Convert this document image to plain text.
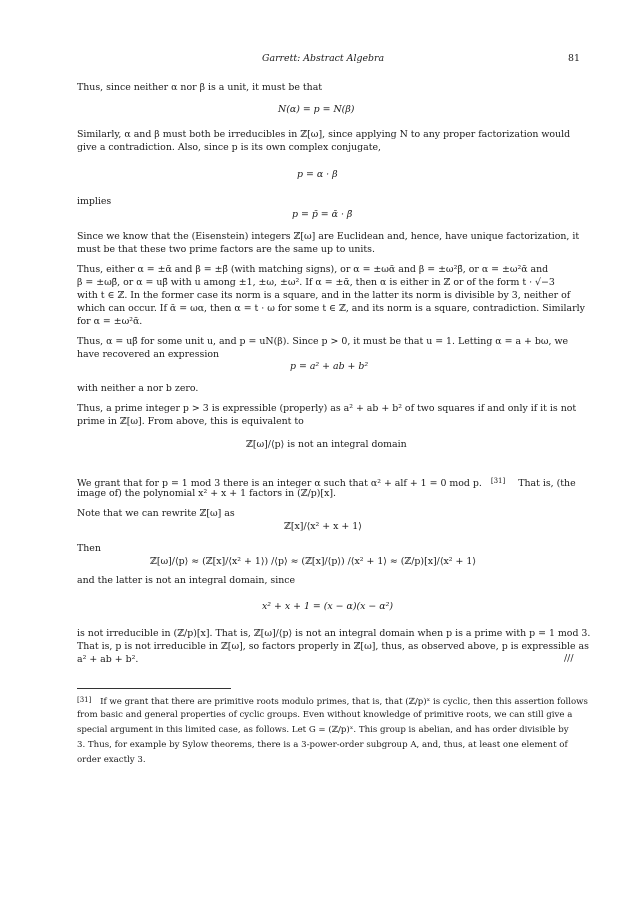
Garrett: Abstract Algebra	81
Thus, since neither α nor β is a unit, it must be that
N(α) = p = N(β)
Similarly, α and β must both be irreducibles in ℤ[ω], since applying N to any proper factorization would
give a contradiction. Also, since p is its own complex conjugate,
p = α · β
implies
p = p̄ = ᾱ · β̄
Since we know that the (Eisenstein) integers ℤ[ω] are Euclidean and, hence, have unique factorization, it
must be that these two prime factors are the same up to units.
Thus, either α = ±ᾱ and β = ±β̄ (with matching signs), or α = ±ωᾱ and β = ±ω²β̄, or α = ±ω²ᾱ and
β = ±ωβ̄, or α = uβ̄ with u among ±1, ±ω, ±ω². If α = ±ᾱ, then α is either in ℤ or of the form t · √−3
with t ∈ ℤ. In the former case its norm is a square, and in the latter its norm is divisible by 3, neither of
which can occur. If ᾱ = ωα, then α = t · ω for some t ∈ ℤ, and its norm is a square, contradiction. Similarly
for α = ±ω²ᾱ.
Thus, α = uβ̄ for some unit u, and p = uN(β). Since p > 0, it must be that u = 1. Letting α = a + bω, we
have recovered an expression
p = a² + ab + b²
with neither a nor b zero.
Thus, a prime integer p > 3 is expressible (properly) as a² + ab + b² of two squares if and only if it is not
prime in ℤ[ω]. From above, this is equivalent to
ℤ[ω]/⟨p⟩ is not an integral domain
We grant that for p = 1 mod 3 there is an integer α such that α² + alf + 1 = 0 mod p. [31] That is, (the
image of) the polynomial x² + x + 1 factors in (ℤ/p)[x].
Note that we can rewrite ℤ[ω] as
ℤ[x]/⟨x² + x + 1⟩
Then
ℤ[ω]/⟨p⟩ ≈ (ℤ[x]/⟨x² + 1⟩) /⟨p⟩ ≈ (ℤ[x]/⟨p⟩) /⟨x² + 1⟩ ≈ (ℤ/p)[x]/⟨x² + 1⟩
and the latter is not an integral domain, since
x² + x + 1 = (x − α)(x − α²)
is not irreducible in (ℤ/p)[x]. That is, ℤ[ω]/⟨p⟩ is not an integral domain when p is a prime with p = 1 mod 3.
That is, p is not irreducible in ℤ[ω], so factors properly in ℤ[ω], thus, as observed above, p is expressible as
a² + ab + b².	///
[31] If we grant that there are primitive roots modulo primes, that is, that (ℤ/p)ˣ is cyclic, then this assertion follows
from basic and general properties of cyclic groups. Even without knowledge of primitive roots, we can still give a
special argument in this limited case, as follows. Let G = (ℤ/p)ˣ. This group is abelian, and has order divisible by
3. Thus, for example by Sylow theorems, there is a 3-power-order subgroup A, and, thus, at least one element of
order exactly 3.
